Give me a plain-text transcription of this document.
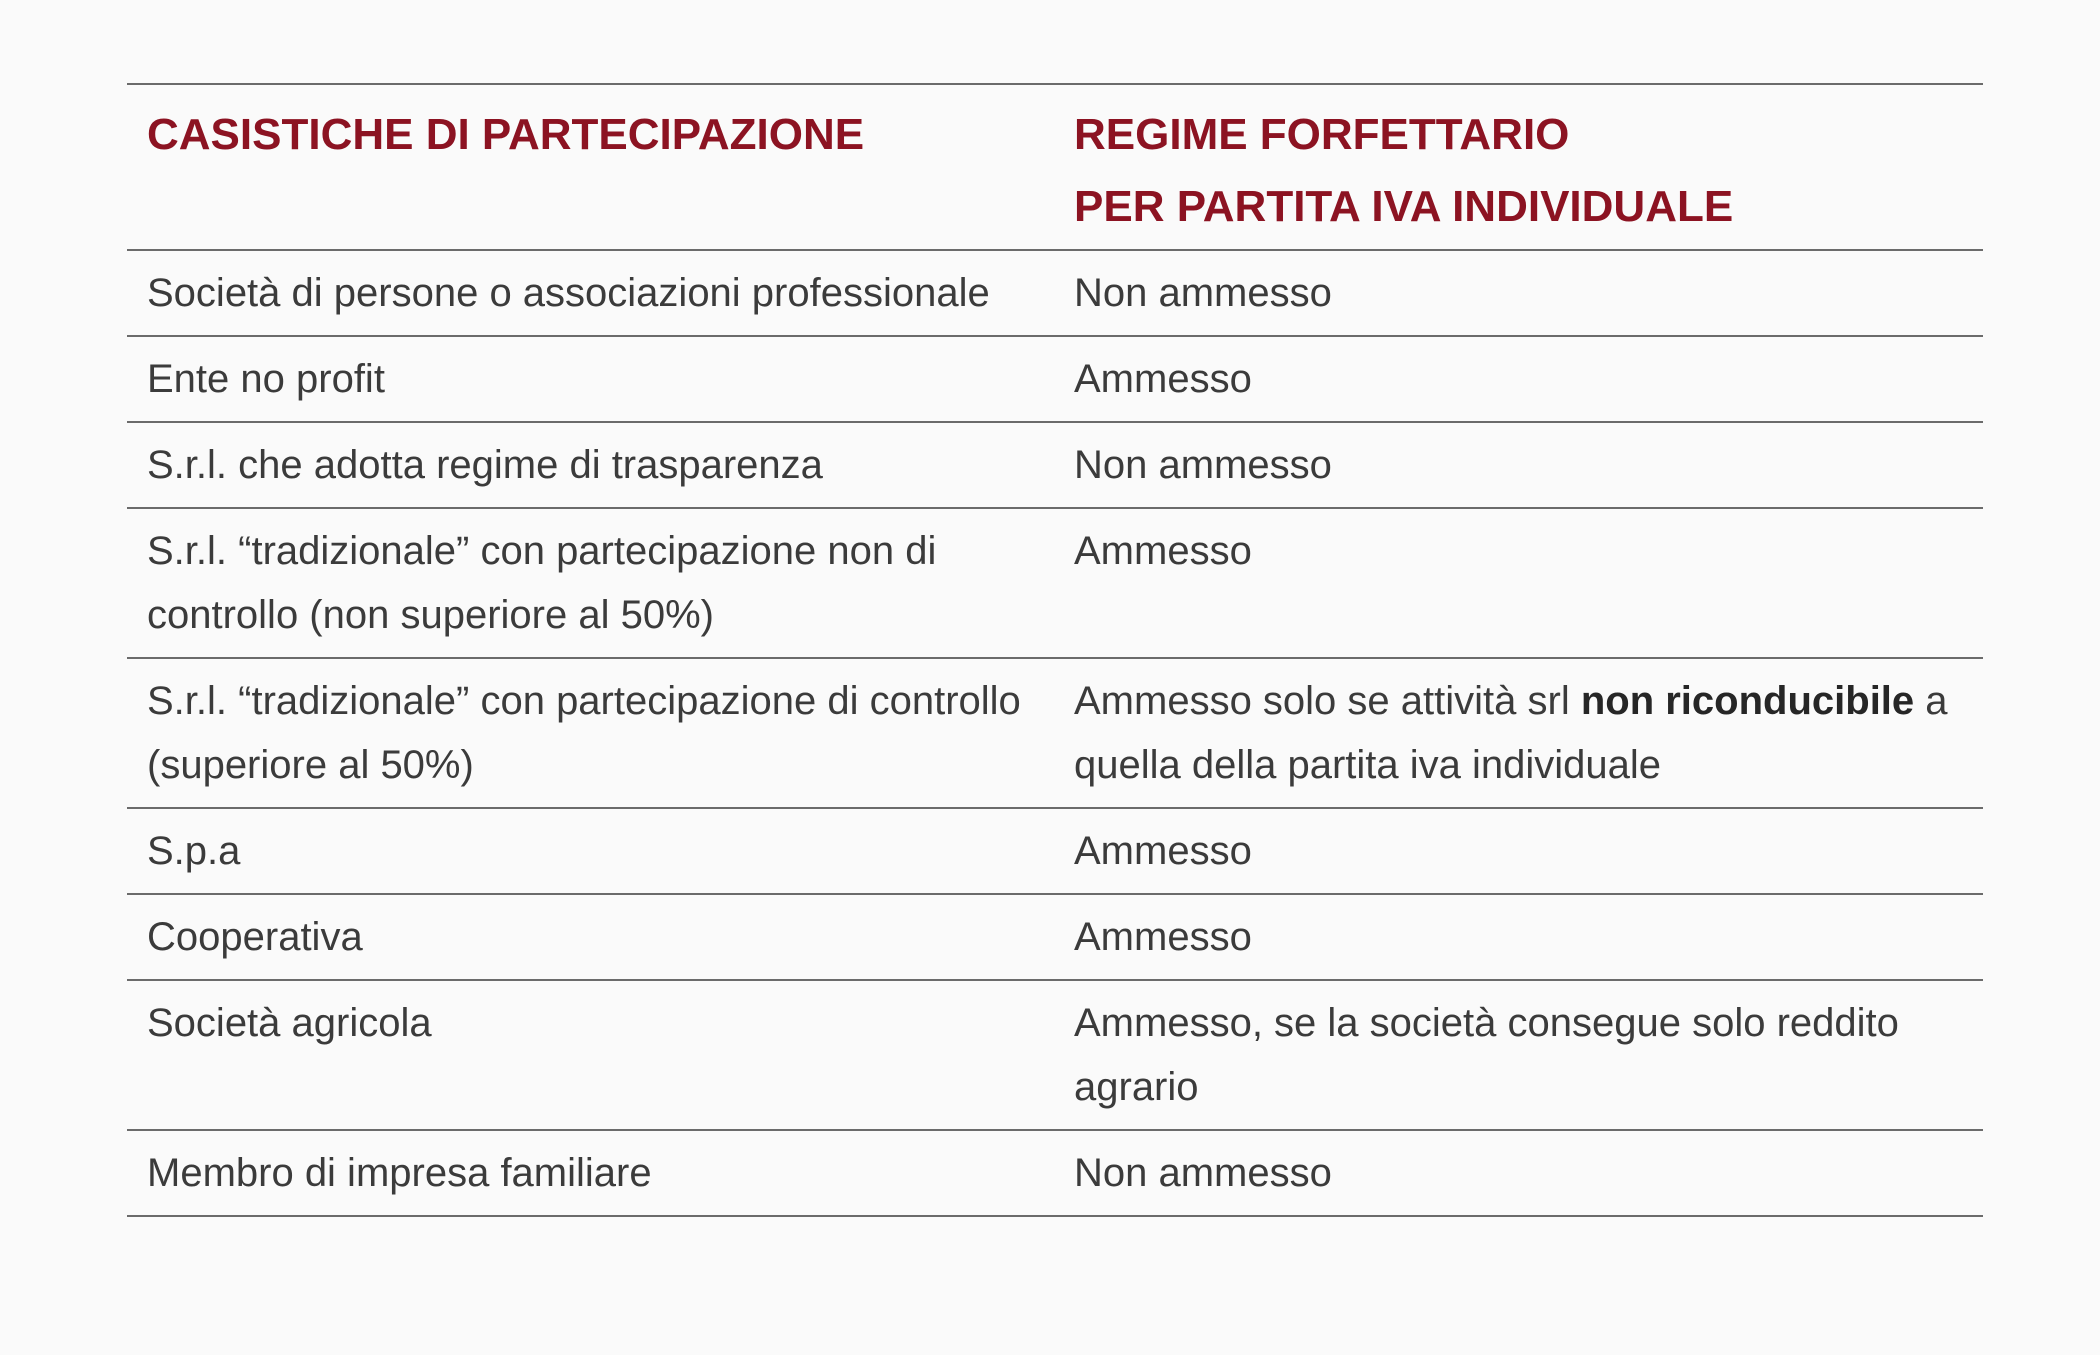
CASISTICHE DI PARTECIPAZIONE	REGIME FORFETTARIO
PER PARTITA IVA INDIVIDUALE

Società di persone o associazioni professionale	Non ammesso
Ente no profit	Ammesso
S.r.l. che adotta regime di trasparenza	Non ammesso
S.r.l. “tradizionale” con partecipazione non di controllo (non superiore al 50%)	Ammesso
S.r.l. “tradizionale” con partecipazione di controllo (superiore al 50%)	Ammesso solo se attività srl non riconducibile a quella della partita iva individuale
S.p.a	Ammesso
Cooperativa	Ammesso
Società agricola	Ammesso, se la società consegue solo reddito agrario
Membro di impresa familiare	Non ammesso
